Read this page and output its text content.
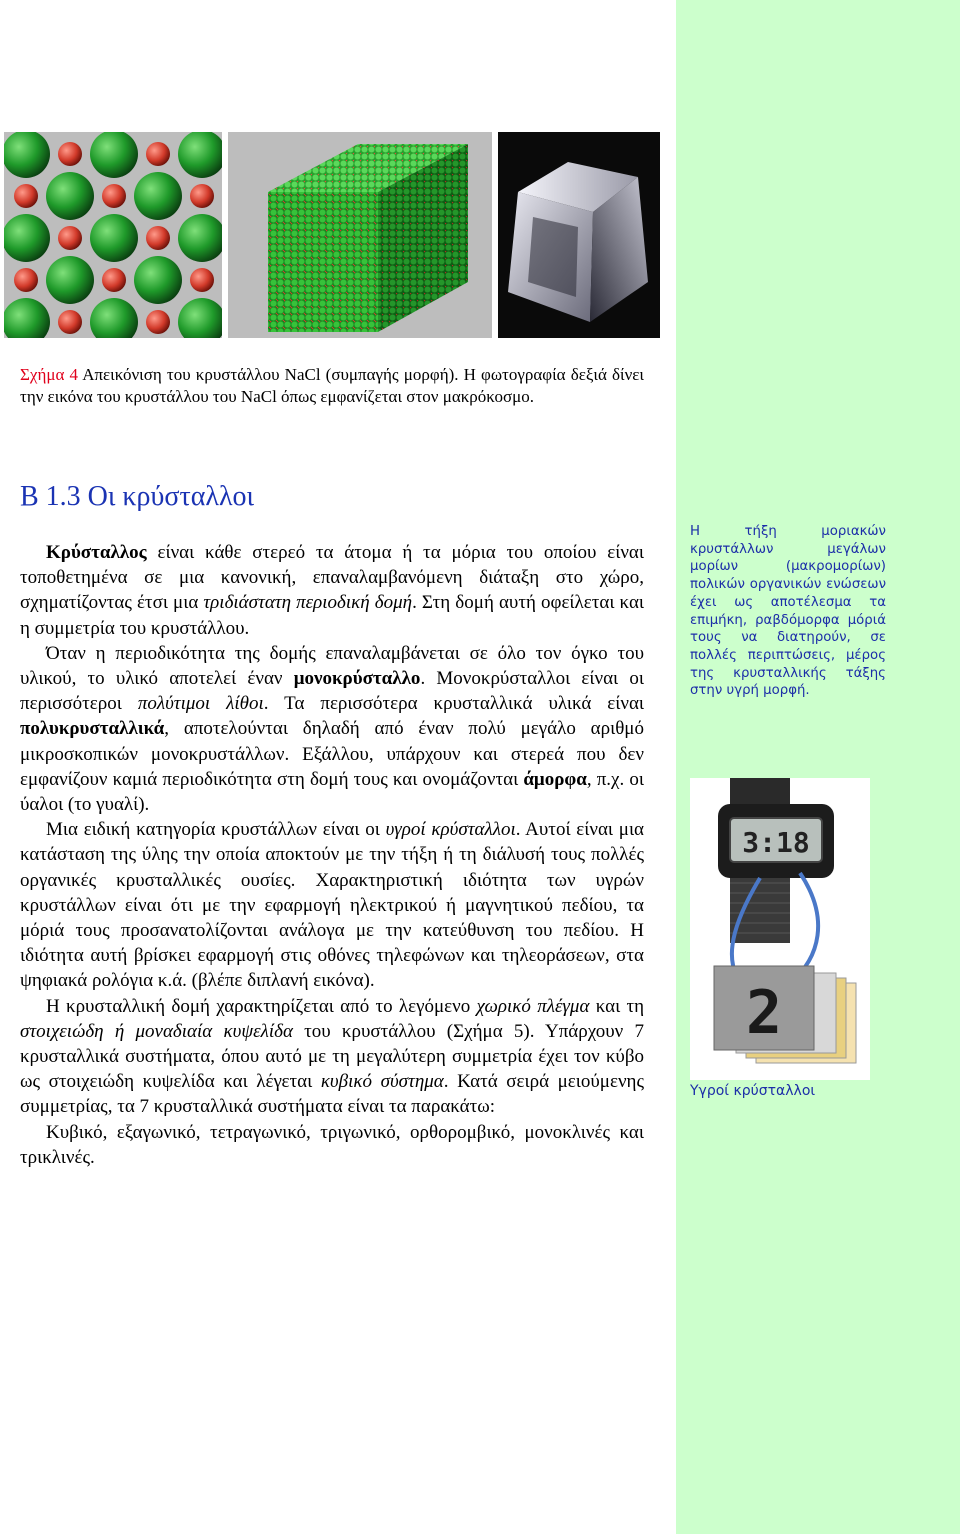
Σχήμα 4 Απεικόνιση του κρυστάλλου NaCl (συμπαγής μορφή). Η φωτογραφία δεξιά δίνει την εικόνα του κρυστάλλου του NaCl όπως εμφανίζεται στον μακρόκοσμο.
Β 1.3 Οι κρύσταλλοι

Κρύσταλλος είναι κάθε στερεό τα άτομα ή τα μόρια του οποίου είναι τοποθετημένα σε μια κανονική, επαναλαμβανόμενη διάταξη στο χώρο, σχηματίζοντας έτσι μια τριδιάστατη περιοδική δομή. Στη δομή αυτή οφείλεται και η συμμετρία του κρυστάλλου.

Όταν η περιοδικότητα της δομής επαναλαμβάνεται σε όλο τον όγκο του υλικού, το υλικό αποτελεί έναν μονοκρύσταλλο. Μονοκρύσταλλοι είναι οι περισσότεροι πολύτιμοι λίθοι. Τα περισσότερα κρυσταλλικά υλικά είναι πολυκρυσταλλικά, αποτελούνται δηλαδή από έναν πολύ μεγάλο αριθμό μικροσκοπικών μονοκρυστάλλων. Εξάλλου, υπάρχουν και στερεά που δεν εμφανίζουν καμιά περιοδικότητα στη δομή τους και ονομάζονται άμορφα, π.χ. οι ύαλοι (το γυαλί).

Μια ειδική κατηγορία κρυστάλλων είναι οι υγροί κρύσταλλοι. Αυτοί είναι μια κατάσταση της ύλης την οποία αποκτούν με την τήξη ή τη διάλυσή τους πολλές οργανικές κρυσταλλικές ουσίες. Χαρακτηριστική ιδιότητα των υγρών κρυστάλλων είναι ότι με την εφαρμογή ηλεκτρικού ή μαγνητικού πεδίου, τα μόριά τους προσανατολίζονται ανάλογα με την κατεύθυνση του πεδίου. Η ιδιότητα αυτή βρίσκει εφαρμογή στις οθόνες τηλεφώνων και τηλεοράσεων, στα ψηφιακά ρολόγια κ.ά. (βλέπε διπλανή εικόνα).

Η κρυσταλλική δομή χαρακτηρίζεται από το λεγόμενο χωρικό πλέγμα και τη στοιχειώδη ή μοναδιαία κυψελίδα του κρυστάλλου (Σχήμα 5). Υπάρχουν 7 κρυσταλλικά συστήματα, όπου αυτό με τη μεγαλύτερη συμμετρία έχει τον κύβο ως στοιχειώδη κυψελίδα και λέγεται κυβικό σύστημα. Κατά σειρά μειούμενης συμμετρίας, τα 7 κρυσταλλικά συστήματα είναι τα παρακάτω:

Κυβικό, εξαγωνικό, τετραγωνικό, τριγωνικό, ορθορομβικό, μονοκλινές και τρικλινές.

Η τήξη μοριακών κρυστάλλων μεγάλων μορίων (μακρομορίων) πολικών οργανικών ενώσεων έχει ως αποτέλεσμα τα επιμήκη, ραβδόμορφα μόριά τους να διατηρούν, σε πολλές περιπτώσεις, μέρος της κρυσταλλικής τάξης στην υγρή μορφή.
3:18
2
Υγροί κρύσταλλοι
